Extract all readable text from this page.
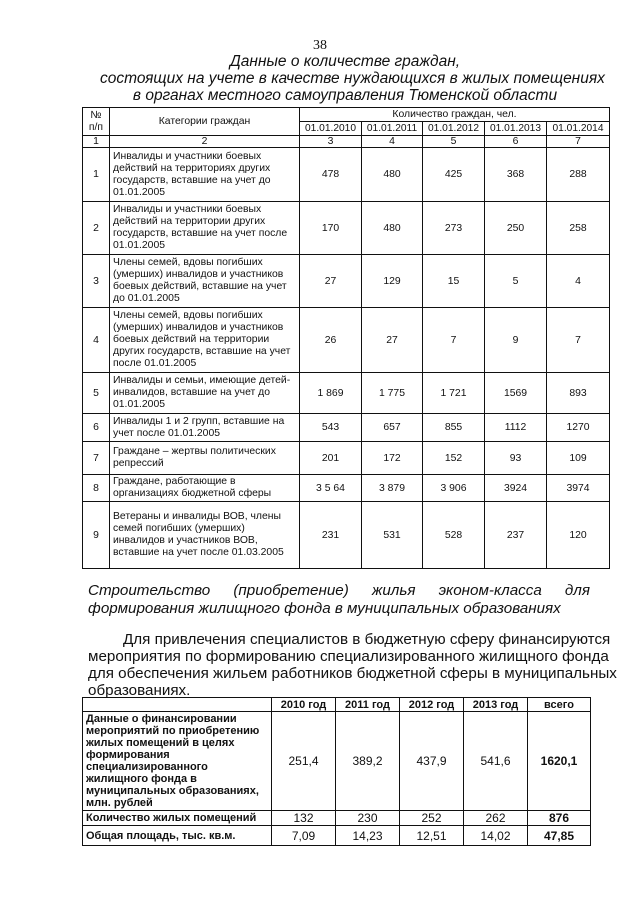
38
Данные о количестве граждан,
состоящих на учете в качестве нуждающихся в жилых помещениях
в органах местного самоуправления Тюменской области
№ п/п	Категории граждан	Количество граждан, чел.				
		01.01.2010	01.01.2011	01.01.2012	01.01.2013	01.01.2014
1	2	3	4	5	6	7
1	Инвалиды и участники боевых действий на территориях других государств, вставшие на учет до 01.01.2005	478	480	425	368	288
2	Инвалиды и участники боевых действий на территории других государств, вставшие на учет после 01.01.2005	170	480	273	250	258
3	Члены семей, вдовы погибших (умерших) инвалидов и участников боевых действий, вставшие на учет до 01.01.2005	27	129	15	5	4
4	Члены семей, вдовы погибших (умерших) инвалидов и участников боевых действий на территории других государств, вставшие на учет после 01.01.2005	26	27	7	9	7
5	Инвалиды и семьи, имеющие детей-инвалидов, вставшие на учет до 01.01.2005	1 869	1 775	1 721	1569	893
6	Инвалиды 1 и 2 групп, вставшие на учет после 01.01.2005	543	657	855	1112	1270
7	Граждане – жертвы политических репрессий	201	172	152	93	109
8	Граждане, работающие в организациях бюджетной сферы	3 5 64	3 879	3 906	3924	3974
9	Ветераны и инвалиды ВОВ, члены семей погибших (умерших) инвалидов и участников ВОВ, вставшие на учет после 01.03.2005	231	531	528	237	120
Строительство (приобретение) жилья эконом-класса для
формирования жилищного фонда в муниципальных образованиях
Для привлечения специалистов в бюджетную сферу финансируются
мероприятия по формированию специализированного жилищного фонда
для обеспечения жильем работников бюджетной сферы в муниципальных
образованиях.
	2010 год	2011 год	2012 год	2013 год	всего
Данные о финансировании мероприятий по приобретению жилых помещений в целях формирования специализированного жилищного фонда в муниципальных образованиях, млн. рублей	251,4	389,2	437,9	541,6	1620,1
Количество жилых помещений	132	230	252	262	876
Общая площадь, тыс. кв.м.	7,09	14,23	12,51	14,02	47,85
